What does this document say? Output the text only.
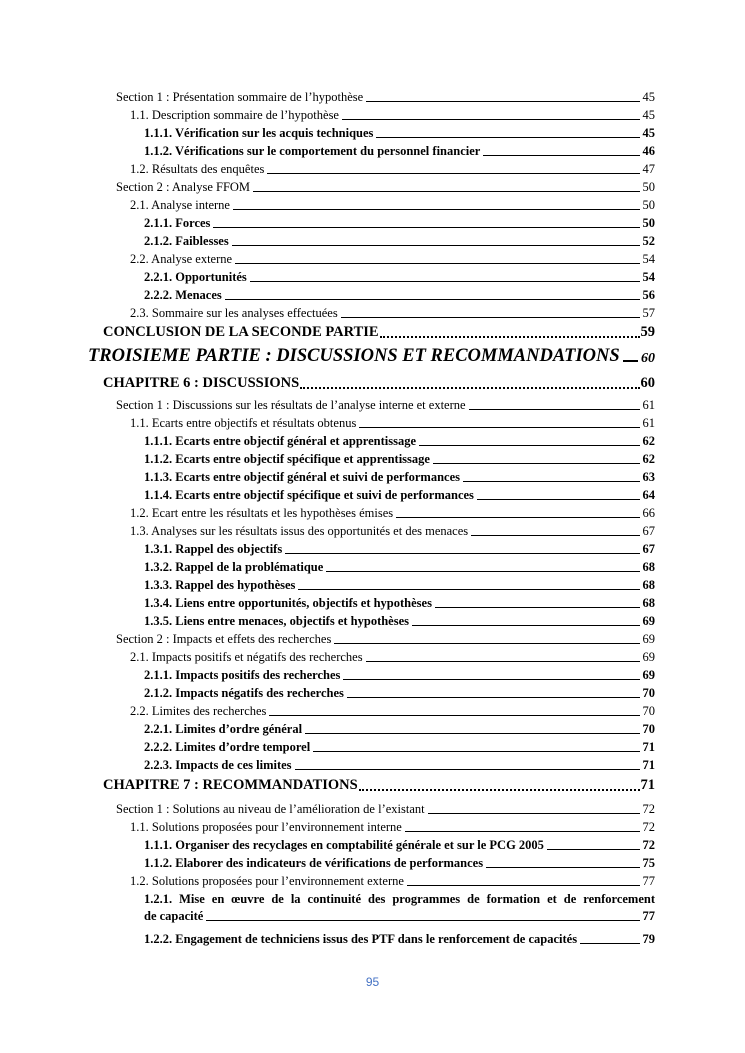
Section 1 : Présentation sommaire de l’hypothèse	45
1.1. Description sommaire de l’hypothèse	45
1.1.1. Vérification sur les acquis techniques	45
1.1.2. Vérifications sur le comportement du personnel financier	46
1.2. Résultats des enquêtes	47
Section 2 : Analyse FFOM	50
2.1. Analyse interne	50
2.1.1. Forces	50
2.1.2. Faiblesses	52
2.2. Analyse externe	54
2.2.1. Opportunités	54
2.2.2. Menaces	56
2.3. Sommaire sur les analyses effectuées	57
CONCLUSION DE LA SECONDE PARTIE	59
TROISIEME PARTIE : DISCUSSIONS ET RECOMMANDATIONS 60
CHAPITRE 6 : DISCUSSIONS	60
Section 1 : Discussions sur les résultats de l’analyse interne et externe	61
1.1. Ecarts entre objectifs et résultats obtenus	61
1.1.1. Ecarts entre objectif général et apprentissage	62
1.1.2. Ecarts entre objectif spécifique et apprentissage	62
1.1.3. Ecarts entre objectif général et suivi de performances	63
1.1.4. Ecarts entre objectif spécifique et suivi de performances	64
1.2. Ecart entre les résultats et les hypothèses émises	66
1.3. Analyses sur les résultats issus des opportunités et des menaces	67
1.3.1. Rappel des objectifs	67
1.3.2. Rappel de la problématique	68
1.3.3. Rappel des hypothèses	68
1.3.4. Liens entre opportunités, objectifs et hypothèses	68
1.3.5. Liens entre menaces, objectifs et hypothèses	69
Section 2 : Impacts et effets des recherches	69
2.1. Impacts positifs et négatifs des recherches	69
2.1.1. Impacts positifs des recherches	69
2.1.2. Impacts négatifs des recherches	70
2.2. Limites des recherches	70
2.2.1. Limites d’ordre général	70
2.2.2. Limites d’ordre temporel	71
2.2.3. Impacts de ces limites	71
CHAPITRE 7 : RECOMMANDATIONS	71
Section 1 : Solutions au niveau de l’amélioration de l’existant	72
1.1. Solutions proposées pour l’environnement interne	72
1.1.1. Organiser des recyclages en comptabilité générale et sur le PCG 2005	72
1.1.2. Elaborer des indicateurs de vérifications de performances	75
1.2. Solutions proposées pour l’environnement externe	77
1.2.1. Mise en œuvre de la continuité des programmes de formation et de renforcement
de capacité	77
1.2.2. Engagement de techniciens issus des PTF dans le renforcement de capacités	79
95
